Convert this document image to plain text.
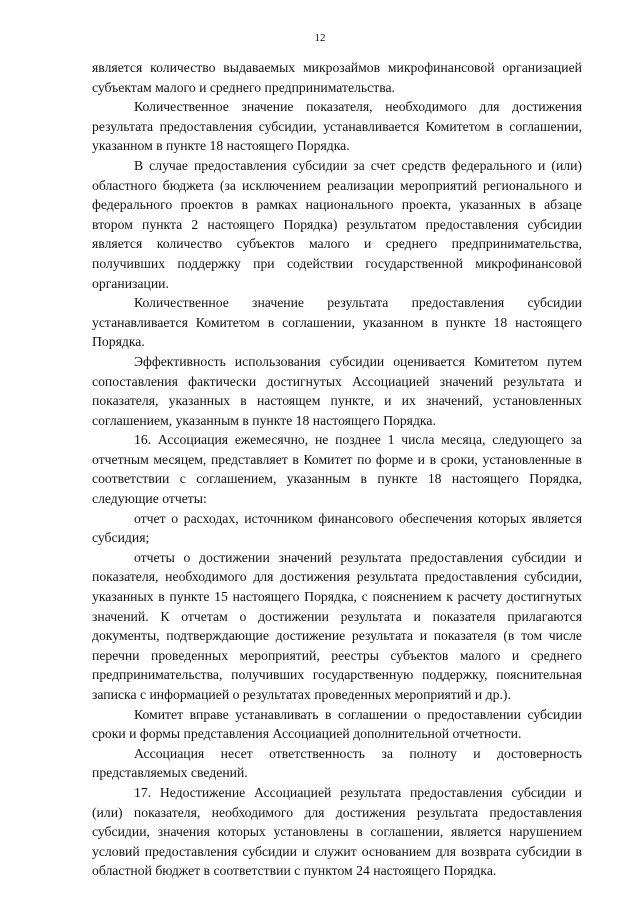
12

является количество выдаваемых микрозаймов микрофинансовой организацией субъектам малого и среднего предпринимательства.

Количественное значение показателя, необходимого для достижения результата предоставления субсидии, устанавливается Комитетом в соглашении, указанном в пункте 18 настоящего Порядка.

В случае предоставления субсидии за счет средств федерального и (или) областного бюджета (за исключением реализации мероприятий регионального и федерального проектов в рамках национального проекта, указанных в абзаце втором пункта 2 настоящего Порядка) результатом предоставления субсидии является количество субъектов малого и среднего предпринимательства, получивших поддержку при содействии государственной микрофинансовой организации.

Количественное значение результата предоставления субсидии устанавливается Комитетом в соглашении, указанном в пункте 18 настоящего Порядка.

Эффективность использования субсидии оценивается Комитетом путем сопоставления фактически достигнутых Ассоциацией значений результата и показателя, указанных в настоящем пункте, и их значений, установленных соглашением, указанным в пункте 18 настоящего Порядка.

16. Ассоциация ежемесячно, не позднее 1 числа месяца, следующего за отчетным месяцем, представляет в Комитет по форме и в сроки, установленные в соответствии с соглашением, указанным в пункте 18 настоящего Порядка, следующие отчеты:

отчет о расходах, источником финансового обеспечения которых является субсидия;

отчеты о достижении значений результата предоставления субсидии и показателя, необходимого для достижения результата предоставления субсидии, указанных в пункте 15 настоящего Порядка, с пояснением к расчету достигнутых значений. К отчетам о достижении результата и показателя прилагаются документы, подтверждающие достижение результата и показателя (в том числе перечни проведенных мероприятий, реестры субъектов малого и среднего предпринимательства, получивших государственную поддержку, пояснительная записка с информацией о результатах проведенных мероприятий и др.).

Комитет вправе устанавливать в соглашении о предоставлении субсидии сроки и формы представления Ассоциацией дополнительной отчетности.

Ассоциация несет ответственность за полноту и достоверность представляемых сведений.

17. Недостижение Ассоциацией результата предоставления субсидии и (или) показателя, необходимого для достижения результата предоставления субсидии, значения которых установлены в соглашении, является нарушением условий предоставления субсидии и служит основанием для возврата субсидии в областной бюджет в соответствии с пунктом 24 настоящего Порядка.
